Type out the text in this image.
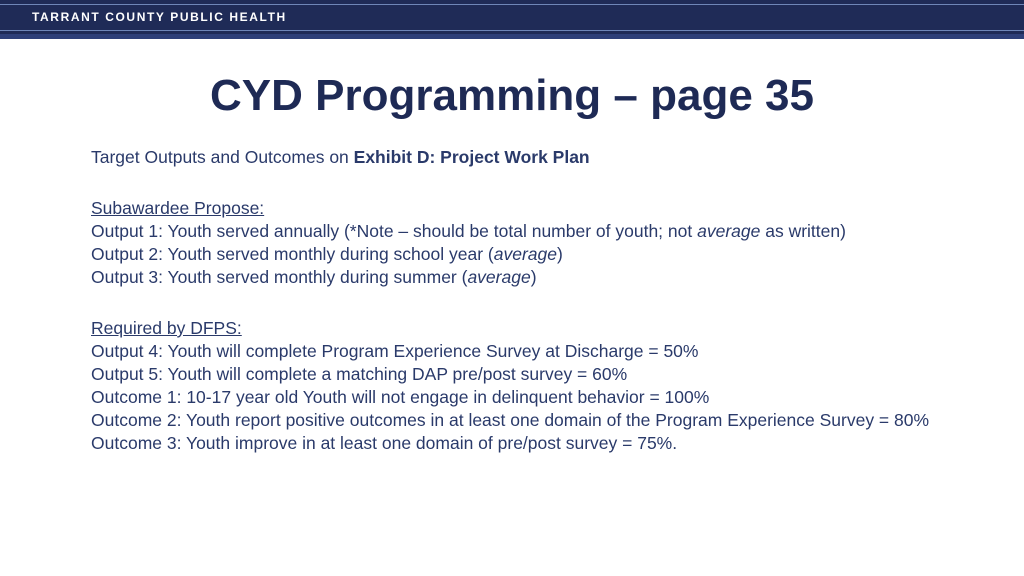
TARRANT COUNTY PUBLIC HEALTH
CYD Programming – page 35

Target Outputs and Outcomes on Exhibit D: Project Work Plan

Subawardee Propose:

Output 1: Youth served annually (*Note – should be total number of youth; not average as written)

Output 2: Youth served monthly during school year (average)

Output 3: Youth served monthly during summer (average)

Required by DFPS:

Output 4: Youth will complete Program Experience Survey at Discharge = 50%

Output 5: Youth will complete a matching DAP pre/post survey = 60%

Outcome 1: 10-17 year old Youth will not engage in delinquent behavior = 100%

Outcome 2: Youth report positive outcomes in at least one domain of the Program Experience Survey = 80%

Outcome 3: Youth improve in at least one domain of pre/post survey = 75%.
